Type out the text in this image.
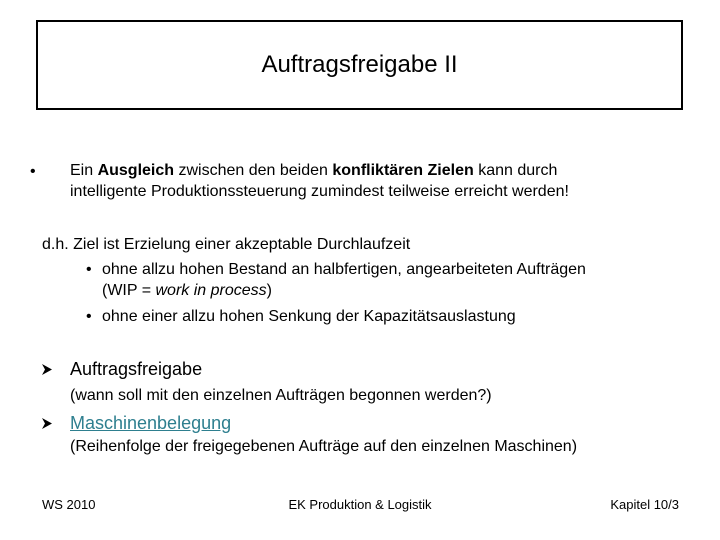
Auftragsfreigabe II
• Ein Ausgleich zwischen den beiden konfliktären Zielen kann durch
intelligente Produktionssteuerung zumindest teilweise erreicht werden!
d.h. Ziel ist Erzielung einer akzeptable Durchlaufzeit
• ohne allzu hohen Bestand an halbfertigen, angearbeiteten Aufträgen
(WIP = work in process)
• ohne einer allzu hohen Senkung der Kapazitätsauslastung
Auftragsfreigabe
(wann soll mit den einzelnen Aufträgen begonnen werden?)
Maschinenbelegung
(Reihenfolge der freigegebenen Aufträge auf den einzelnen Maschinen)
WS 2010	EK Produktion & Logistik	Kapitel 10/3
